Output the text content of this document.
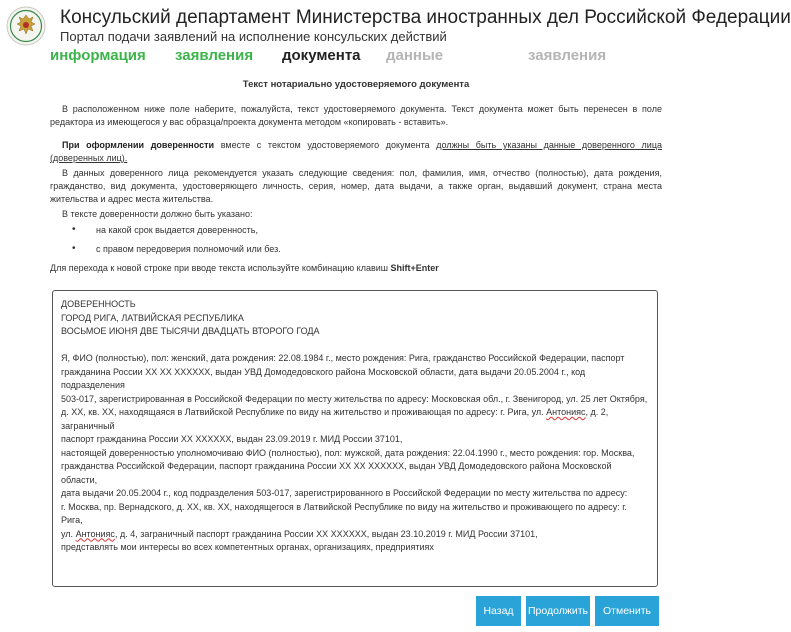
Консульский департамент Министерства иностранных дел Российской Федерации
Портал подачи заявлений на исполнение консульских действий
информация заявления документа данные	заявления
Текст нотариально удостоверяемого документа

В расположенном ниже поле наберите, пожалуйста, текст удостоверяемого документа. Текст документа может быть перенесен в поле редактора из имеющегося у вас образца/проекта документа методом «копировать - вставить».

При оформлении доверенности вместе с текстом удостоверяемого документа должны быть указаны данные доверенного лица (доверенных лиц).

В данных доверенного лица рекомендуется указать следующие сведения: пол, фамилия, имя, отчество (полностью), дата рождения, гражданство, вид документа, удостоверяющего личность, серия, номер, дата выдачи, а также орган, выдавший документ, страна места жительства и адрес места жительства.

В тексте доверенности должно быть указано:

• на какой срок выдается доверенность,
• с правом передоверия полномочий или без.

Для перехода к новой строке при вводе текста используйте комбинацию клавиш Shift+Enter

ДОВЕРЕННОСТЬ
ГОРОД РИГА, ЛАТВИЙСКАЯ РЕСПУБЛИКА
ВОСЬМОЕ ИЮНЯ ДВЕ ТЫСЯЧИ ДВАДЦАТЬ ВТОРОГО ГОДА
Я, ФИО (полностью), пол: женский, дата рождения: 22.08.1984 г., место рождения: Рига, гражданство Российской Федерации, паспорт
гражданина России ХХ ХХ ХХХХХХ, выдан УВД Домодедовского района Московской области, дата выдачи 20.05.2004 г., код подразделения
503-017, зарегистрированная в Российской Федерации по месту жительства по адресу: Московская обл., г. Звенигород, ул. 25 лет Октября,
д. ХХ, кв. ХХ, находящаяся в Латвийской Республике по виду на жительство и проживающая по адресу: г. Рига, ул. Антонияс, д. 2, заграничный
паспорт гражданина России ХХ ХХХХХХ, выдан 23.09.2019 г. МИД России 37101,
настоящей доверенностью уполномочиваю ФИО (полностью), пол: мужской, дата рождения: 22.04.1990 г., место рождения: гор. Москва,
гражданства Российской Федерации, паспорт гражданина России ХХ ХХ ХХХХХХ, выдан УВД Домодедовского района Московской области,
дата выдачи 20.05.2004 г., код подразделения 503-017, зарегистрированного в Российской Федерации по месту жительства по адресу:
г. Москва, пр. Вернадского, д. ХХ, кв. ХХ, находящегося в Латвийской Республике по виду на жительство и проживающего по адресу: г. Рига,
ул. Антонияс, д. 4, заграничный паспорт гражданина России ХХ ХХХХХХ, выдан 23.10.2019 г. МИД России 37101,
представлять мои интересы во всех компетентных органах, организациях, предприятиях
Назад	Продолжить	Отменить
